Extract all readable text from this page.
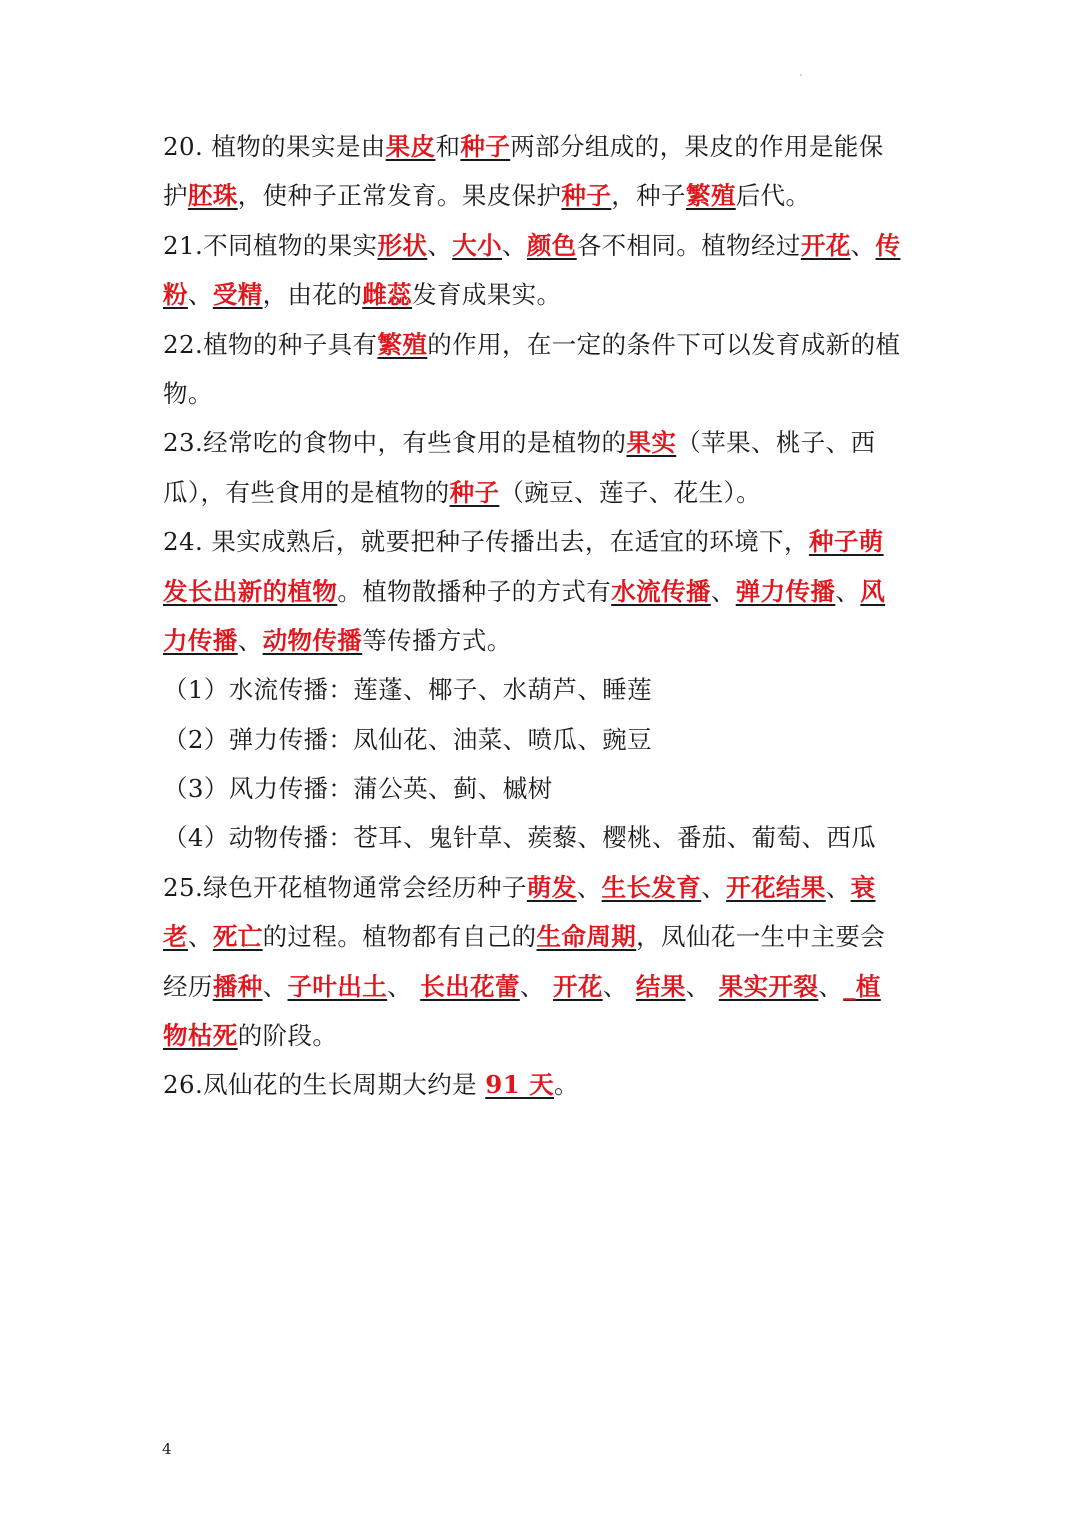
20. 植物的果实是由果皮和种子两部分组成的，果皮的作用是能保
护胚珠，使种子正常发育。果皮保护种子，种子繁殖后代。
21.不同植物的果实形状、大小、颜色各不相同。植物经过开花、传
粉、受精，由花的雌蕊发育成果实。
22.植物的种子具有繁殖的作用，在一定的条件下可以发育成新的植
物。
23.经常吃的食物中，有些食用的是植物的果实（苹果、桃子、西
瓜），有些食用的是植物的种子（豌豆、莲子、花生）。
24. 果实成熟后，就要把种子传播出去，在适宜的环境下，种子萌
发长出新的植物。植物散播种子的方式有水流传播、弹力传播、风
力传播、动物传播等传播方式。
（1）水流传播：莲蓬、椰子、水葫芦、睡莲
（2）弹力传播：凤仙花、油菜、喷瓜、豌豆
（3）风力传播：蒲公英、蓟、槭树
（4）动物传播：苍耳、鬼针草、蒺藜、樱桃、番茄、葡萄、西瓜
25.绿色开花植物通常会经历种子萌发、生长发育、开花结果、衰
老、死亡的过程。植物都有自己的生命周期，凤仙花一生中主要会
经历播种、子叶出土、 长出花蕾、 开花、 结果、 果实开裂、_植
物枯死的阶段。
26.凤仙花的生长周期大约是 91 天。
4
